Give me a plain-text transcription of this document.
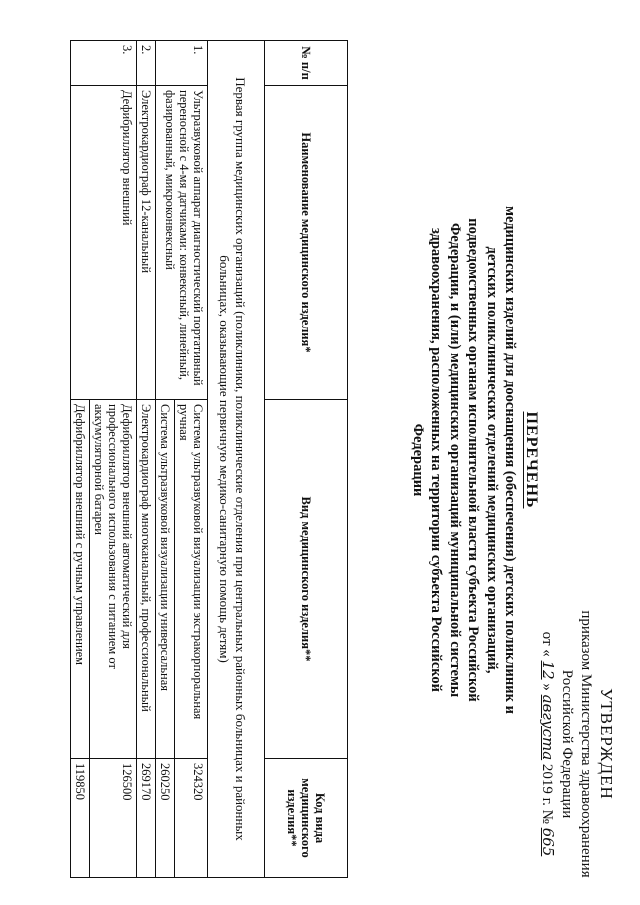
УТВЕРЖДЕН
приказом Министерства здравоохранения
Российской Федерации
от « 12 » августа 2019 г. № 665
ПЕРЕЧЕНЬ
медицинских изделий для дооснащения (обеспечения) детских поликлиник и детских поликлинических отделений медицинских организаций, подведомственных органам исполнительной власти субъекта Российской Федерации, и (или) медицинских организаций муниципальной системы здравоохранения, расположенных на территории субъекта Российской Федерации
№ п/п	Наименование медицинского изделия*	Вид медицинского изделия**	Код вида медицинского изделия**
Первая группа медицинских организаций (поликлиники, поликлинические отделения при центральных районных больницах и районных больницах, оказывающие первичную медико-санитарную помощь детям)			
1.	Ультразвуковой аппарат диагностический портативный переносной с 4-мя датчиками: конвексный, линейный, фазированный, микроконвексный	Система ультразвуковой визуализации экстракорпоральная ручная	324320
		Система ультразвуковой визуализации универсальная	260250
2.	Электрокардиограф 12-канальный	Электрокардиограф многоканальный, профессиональный	269170
3.	Дефибриллятор внешний	Дефибриллятор внешний автоматический для профессионального использования с питанием от аккумуляторной батареи	126500
		Дефибриллятор внешний с ручным управлением	119850
